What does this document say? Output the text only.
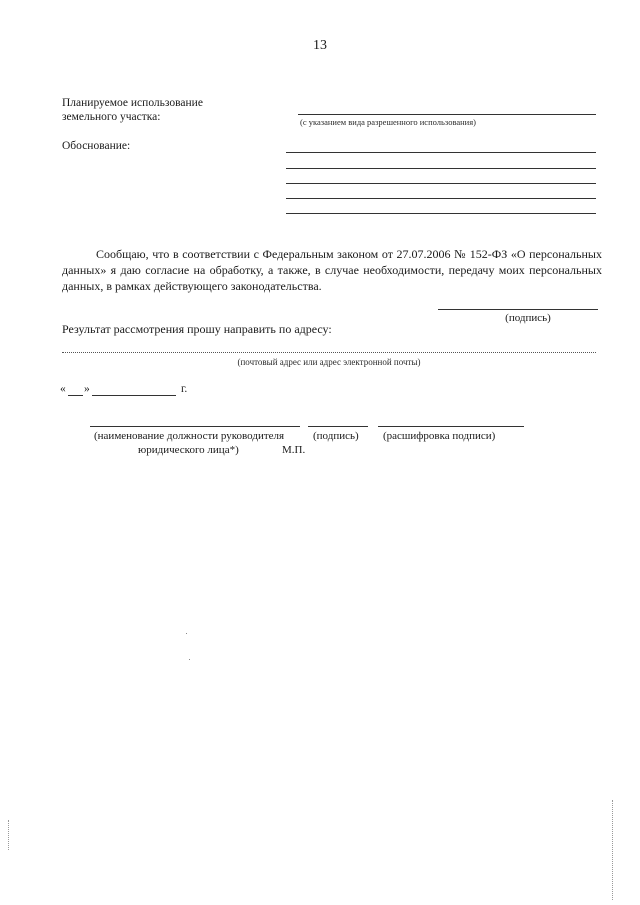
13
Планируемое использование
земельного участка:	(с указанием вида разрешенного использования)
Обоснование:
Сообщаю, что в соответствии с Федеральным законом от 27.07.2006 № 152-ФЗ «О персональных данных» я даю согласие на обработку, а также, в случае необходимости, передачу моих персональных данных, в рамках действующего законодательства.
(подпись)
Результат рассмотрения прошу направить по адресу:
(почтовый адрес или адрес электронной почты)
« »	г.
(наименование должности руководителя	(подпись) (расшифровка подписи)
юридического лица*)	М.П.
